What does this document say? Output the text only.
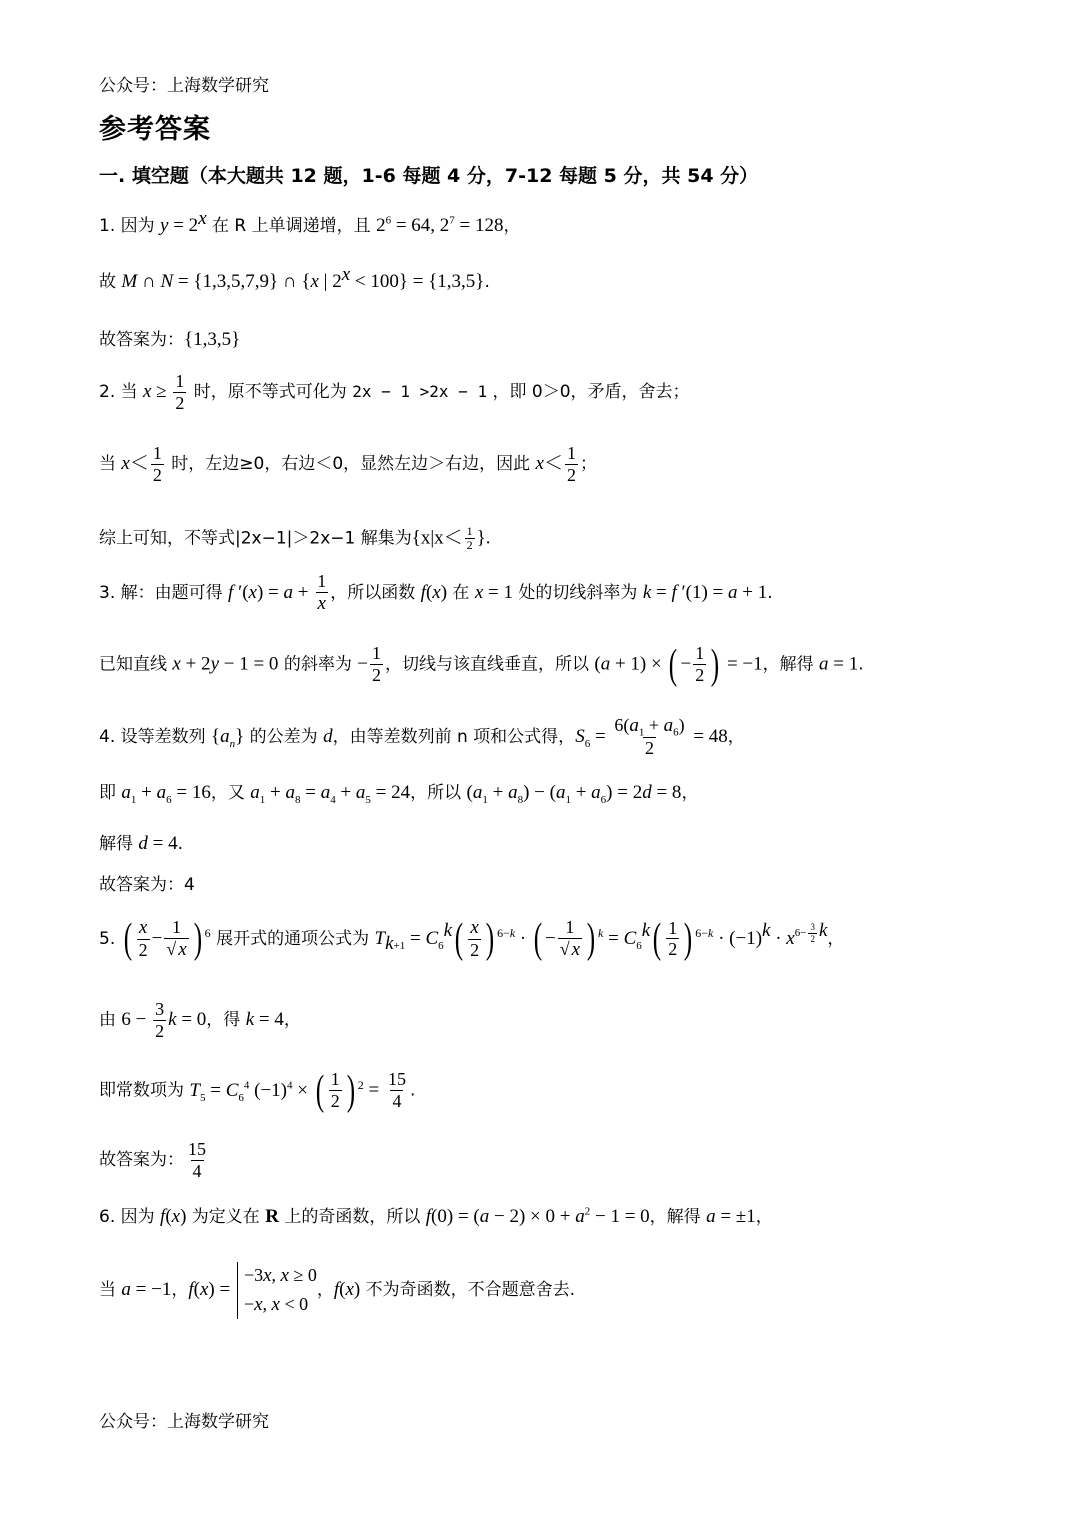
公众号：上海数学研究
参考答案
一. 填空题（本大题共 12 题，1-6 每题 4 分，7-12 每题 5 分，共 54 分）
1. 因为 $y = 2^x$ 在 R 上单调递增，且 $2^6 = 64$, $2^7 = 128$，
故 M ∩ N = {1,3,5,7,9} ∩ {x | $2^x < 100\} = \{1,3,5\}$.
故答案为：{1,3,5}
2. 当 $x \ge \frac{1}{2}$ 时，原不等式可化为 2x − 1 >2x − 1 ，即 0＞0，矛盾，舍去；
当 $x< \frac{1}{2}$ 时，左边≥0，右边＜0，显然左边＞右边，因此 $x< \frac{1}{2}$ ；
综上可知，不等式|2x−1|＞2x−1 解集为{$x|x< \frac{1}{2}$ }.
3. 解：由题可得 f $'(x) = a + \frac{1}{x}$ ，所以函数 f(x) 在 x = 1 处的切线斜率为 k = f ′(1) = a + 1.
已知直线 x + 2y − 1 = 0 的斜率为 − $\frac{1}{2}$ ，切线与该直线垂直，所以 (a + 1) × ( − $\frac{1}{2}$ ) = −1，解得 a = 1.
4. 设等差数列 $\{a_n\}$ 的公差为 d，由等差数列前 n 项和公式得，$S_6 = \frac{6(a_1 + a_6)}{2} = 48$，
即 $a_1 + a_6 = 16$，又 $a_1 + a_8 = a_4 + a_5 = 24$，所以 $(a_1 + a_8) - (a_1 + a_6) = 2d = 8$，
解得 d = 4.
故答案为：4
5. ( $\frac{x}{2} - \frac{1}{√ x}$ ) $^6$ 展开式的通项公式为 $T_{k+1} = C_6^k( \frac{x}{2}$ ) $^{6-k}$ · ( − $\frac{1}{√ x}$ ) $^k = C_6^k( \frac{1}{2}$ ) $^{6-k} \cdot (-1)^k \cdot x^{6- \frac{3}{2} k}$，
由 $6 - \frac{3}{2}$ k = 0，得 k = 4，
即常数项为 $T_5 = C_6^4$ $(-1)^4$ × ( $\frac{1}{2}$ ) $^2 = \frac{15}{4}$ .
故答案为： $\frac{15}{4}$
6. 因为 f(x) 为定义在 R 上的奇函数，所以 $f(0) = (a - 2) \times 0 + a^2 - 1 = 0$，解得 a = ±1，
当 a = −1，f(x) = −3x, x ≥ 0
−x, x < 0，f(x) 不为奇函数，不合题意舍去.
公众号：上海数学研究
